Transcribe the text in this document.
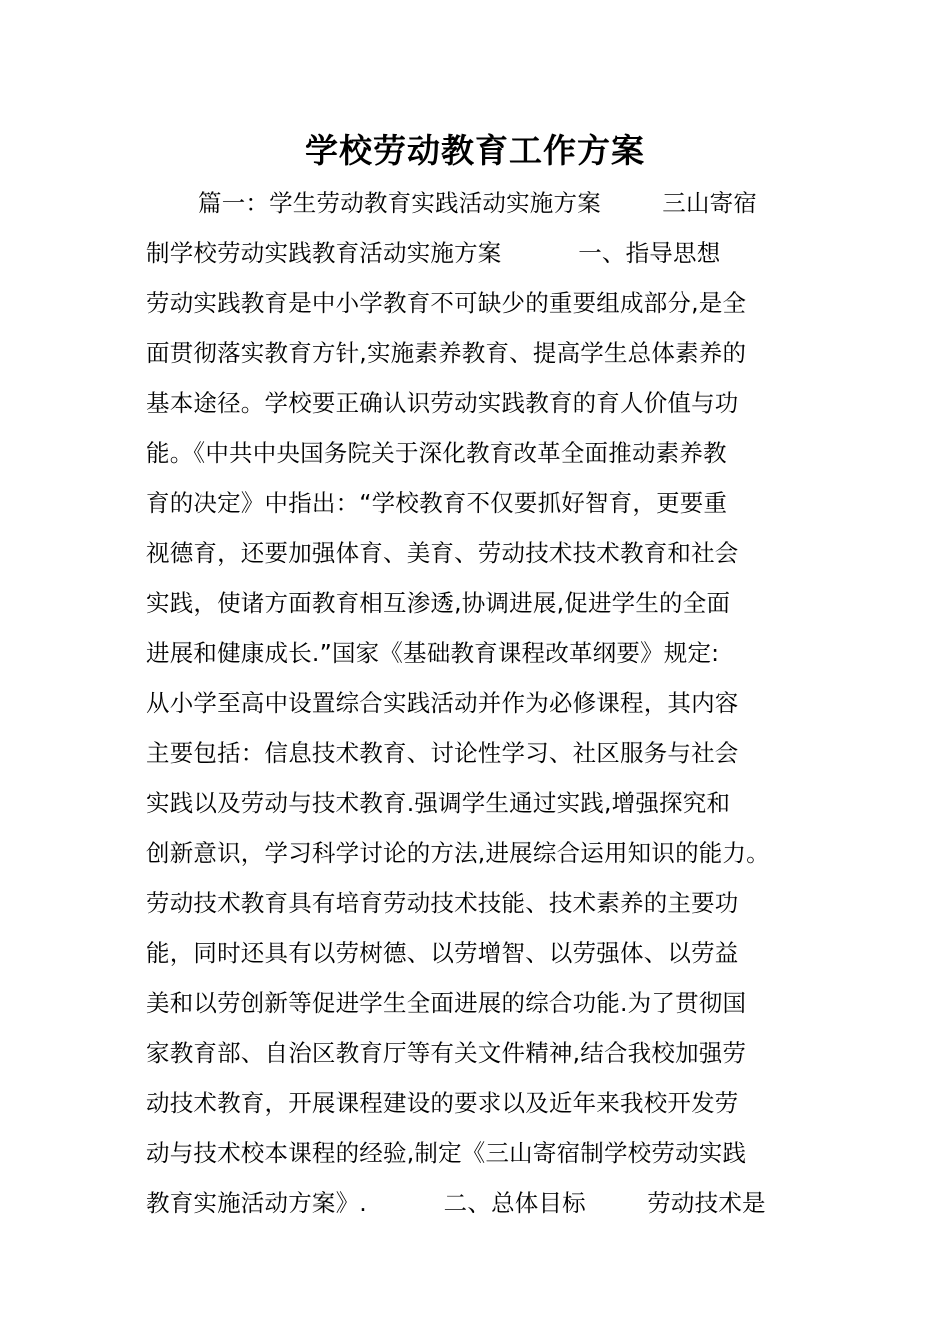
学校劳动教育工作方案
篇一：学生劳动教育实践活动实施方案        三山寄宿
制学校劳动实践教育活动实施方案          一、指导思想
劳动实践教育是中小学教育不可缺少的重要组成部分,是全
面贯彻落实教育方针,实施素养教育、提高学生总体素养的
基本途径。学校要正确认识劳动实践教育的育人价值与功
能。《中共中央国务院关于深化教育改革全面推动素养教
育的决定》中指出：“学校教育不仅要抓好智育，更要重
视德育，还要加强体育、美育、劳动技术技术教育和社会
实践，使诸方面教育相互渗透,协调进展,促进学生的全面
进展和健康成长.”国家《基础教育课程改革纲要》规定:
从小学至高中设置综合实践活动并作为必修课程，其内容
主要包括：信息技术教育、讨论性学习、社区服务与社会
实践以及劳动与技术教育.强调学生通过实践,增强探究和
创新意识，学习科学讨论的方法,进展综合运用知识的能力。
劳动技术教育具有培育劳动技术技能、技术素养的主要功
能，同时还具有以劳树德、以劳增智、以劳强体、以劳益
美和以劳创新等促进学生全面进展的综合功能.为了贯彻国
家教育部、自治区教育厅等有关文件精神,结合我校加强劳
动技术教育，开展课程建设的要求以及近年来我校开发劳
动与技术校本课程的经验,制定《三山寄宿制学校劳动实践
教育实施活动方案》.          二、总体目标        劳动技术是
